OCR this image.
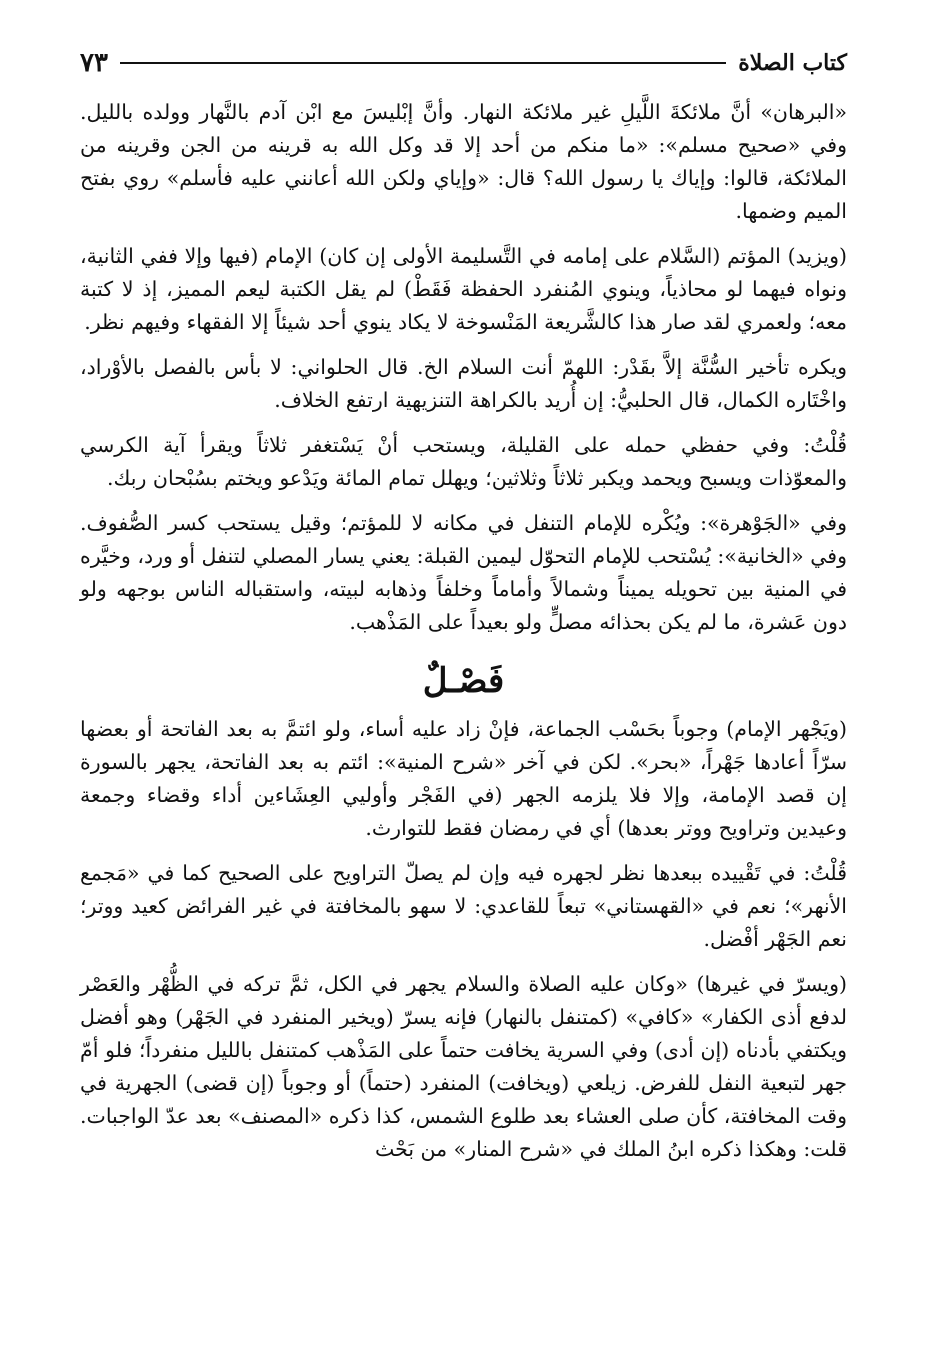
كتاب الصلاة
٧٣

«البرهان» أنَّ ملائكةَ اللَّيلِ غير ملائكة النهار. وأنَّ إبْليسَ مع ابْن آدم بالنَّهار وولده بالليل. وفي «صحيح مسلم»: «ما منكم من أحد إلا قد وكل الله به قرينه من الجن وقرينه من الملائكة، قالوا: وإياك يا رسول الله؟ قال: «وإياي ولكن الله أعانني عليه فأسلم» روي بفتح الميم وضمها.

(ويزيد) المؤتم (السَّلام على إمامه في التَّسليمة الأولى إن كان) الإمام (فيها وإلا ففي الثانية، ونواه فيهما لو محاذياً، وينوي المُنفرد الحفظة فَقَطْ) لم يقل الكتبة ليعم المميز، إذ لا كتبة معه؛ ولعمري لقد صار هذا كالشَّريعة المَنْسوخة لا يكاد ينوي أحد شيئاً إلا الفقهاء وفيهم نظر.

ويكره تأخير السُّنَّة إلاَّ بقَدْر: اللهمّ أنت السلام الخ. قال الحلواني: لا بأس بالفصل بالأوْراد، واخْتَاره الكمال، قال الحلبيُّ: إن أُريد بالكراهة التنزيهية ارتفع الخلاف.

قُلْتُ: وفي حفظي حمله على القليلة، ويستحب أنْ يَسْتغفر ثلاثاً ويقرأ آية الكرسي والمعوّذات ويسبح ويحمد ويكبر ثلاثاً وثلاثين؛ ويهلل تمام المائة ويَدْعو ويختم بسُبْحان ربك.

وفي «الجَوْهرة»: ويُكْره للإمام التنفل في مكانه لا للمؤتم؛ وقيل يستحب كسر الصُّفوف. وفي «الخانية»: يُسْتحب للإمام التحوّل ليمين القبلة: يعني يسار المصلي لتنفل أو ورد، وخيَّره في المنية بين تحويله يميناً وشمالاً وأماماً وخلفاً وذهابه لبيته، واستقباله الناس بوجهه ولو دون عَشرة، ما لم يكن بحذائه مصلٍّ ولو بعيداً على المَذْهب.

فَصْـلٌ

(ويَجْهر الإمام) وجوباً بحَسْب الجماعة، فإنْ زاد عليه أساء، ولو ائتمَّ به بعد الفاتحة أو بعضها سرّاً أعادها جَهْراً، «بحر». لكن في آخر «شرح المنية»: ائتم به بعد الفاتحة، يجهر بالسورة إن قصد الإمامة، وإلا فلا يلزمه الجهر (في الفَجْر وأوليي العِشَاءين أداء وقضاء وجمعة وعيدين وتراويح ووتر بعدها) أي في رمضان فقط للتوارث.

قُلْتُ: في تَقْييده ببعدها نظر لجهره فيه وإن لم يصلّ التراويح على الصحيح كما في «مَجمع الأنهر»؛ نعم في «القهستاني» تبعاً للقاعدي: لا سهو بالمخافتة في غير الفرائض كعيد ووتر؛ نعم الجَهْر أفْضل.

(ويسرّ في غيرها) «وكان عليه الصلاة والسلام يجهر في الكل، ثمَّ تركه في الظُّهْر والعَصْر لدفع أذى الكفار» «كافي» (كمتنفل بالنهار) فإنه يسرّ (ويخير المنفرد في الجَهْر) وهو أفضل ويكتفي بأدناه (إن أدى) وفي السرية يخافت حتماً على المَذْهب كمتنفل بالليل منفرداً؛ فلو أمّ جهر لتبعية النفل للفرض. زيلعي (ويخافت) المنفرد (حتماً) أو وجوباً (إن قضى) الجهرية في وقت المخافتة، كأن صلى العشاء بعد طلوع الشمس، كذا ذكره «المصنف» بعد عدّ الواجبات. قلت: وهكذا ذكره ابنُ الملك في «شرح المنار» من بَحْث
